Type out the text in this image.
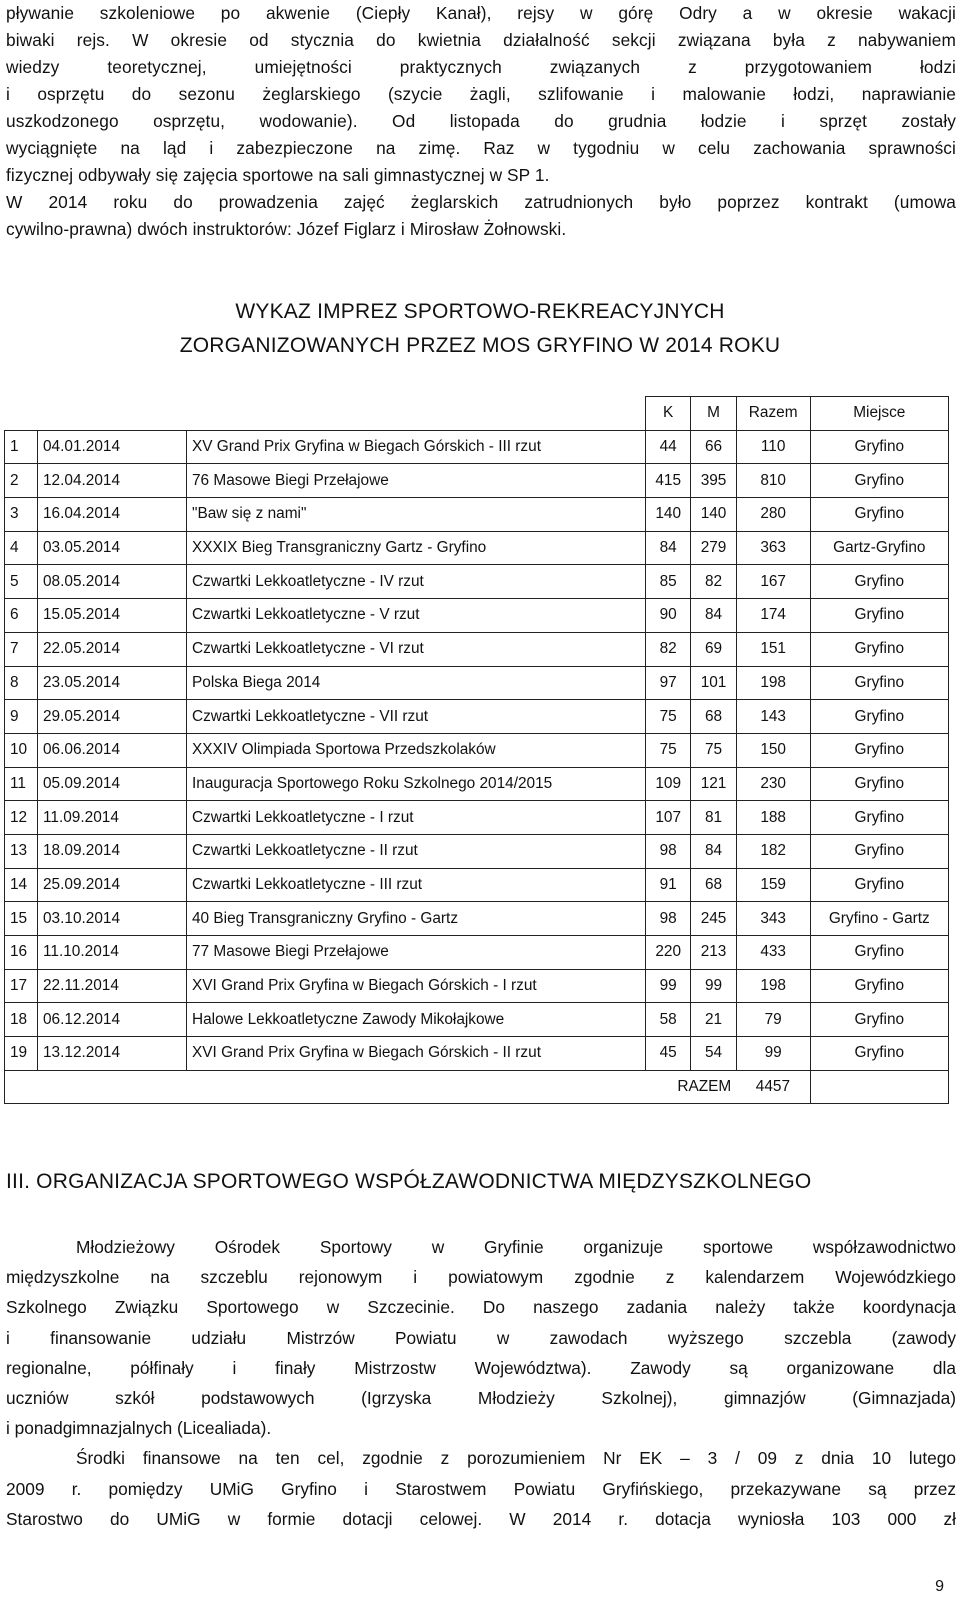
pływanie szkoleniowe po akwenie (Ciepły Kanał), rejsy w górę Odry a w okresie wakacji
biwaki rejs. W okresie od stycznia do kwietnia działalność sekcji związana była z nabywaniem
wiedzy teoretycznej, umiejętności praktycznych związanych z przygotowaniem łodzi
i osprzętu do sezonu żeglarskiego (szycie żagli, szlifowanie i malowanie łodzi, naprawianie
uszkodzonego osprzętu, wodowanie). Od listopada do grudnia łodzie i sprzęt zostały
wyciągnięte na ląd i zabezpieczone na zimę. Raz w tygodniu w celu zachowania sprawności
fizycznej odbywały się zajęcia sportowe na sali gimnastycznej w SP 1.
W 2014 roku do prowadzenia zajęć żeglarskich zatrudnionych było poprzez kontrakt (umowa
cywilno-prawna) dwóch instruktorów: Józef Figlarz i Mirosław Żołnowski.
WYKAZ IMPREZ SPORTOWO-REKREACYJNYCH
ZORGANIZOWANYCH PRZEZ MOS GRYFINO W 2014 ROKU
			K	M	Razem	Miejsce
1	04.01.2014	XV Grand Prix Gryfina w Biegach Górskich - III rzut	44	66	110	Gryfino
2	12.04.2014	76 Masowe Biegi Przełajowe	415	395	810	Gryfino
3	16.04.2014	"Baw się z nami"	140	140	280	Gryfino
4	03.05.2014	XXXIX Bieg Transgraniczny Gartz - Gryfino	84	279	363	Gartz-Gryfino
5	08.05.2014	Czwartki Lekkoatletyczne - IV rzut	85	82	167	Gryfino
6	15.05.2014	Czwartki Lekkoatletyczne - V rzut	90	84	174	Gryfino
7	22.05.2014	Czwartki Lekkoatletyczne - VI rzut	82	69	151	Gryfino
8	23.05.2014	Polska Biega 2014	97	101	198	Gryfino
9	29.05.2014	Czwartki Lekkoatletyczne - VII rzut	75	68	143	Gryfino
10	06.06.2014	XXXIV Olimpiada Sportowa Przedszkolaków	75	75	150	Gryfino
11	05.09.2014	Inauguracja Sportowego Roku Szkolnego 2014/2015	109	121	230	Gryfino
12	11.09.2014	Czwartki Lekkoatletyczne - I rzut	107	81	188	Gryfino
13	18.09.2014	Czwartki Lekkoatletyczne - II rzut	98	84	182	Gryfino
14	25.09.2014	Czwartki Lekkoatletyczne - III rzut	91	68	159	Gryfino
15	03.10.2014	40 Bieg Transgraniczny Gryfino - Gartz	98	245	343	Gryfino - Gartz
16	11.10.2014	77 Masowe Biegi Przełajowe	220	213	433	Gryfino
17	22.11.2014	XVI Grand Prix Gryfina w Biegach Górskich - I rzut	99	99	198	Gryfino
18	06.12.2014	Halowe Lekkoatletyczne Zawody Mikołajkowe	58	21	79	Gryfino
19	13.12.2014	XVI Grand Prix Gryfina w Biegach Górskich - II rzut	45	54	99	Gryfino
RAZEM					4457	
III. ORGANIZACJA SPORTOWEGO WSPÓŁZAWODNICTWA MIĘDZYSZKOLNEGO
Młodzieżowy Ośrodek Sportowy w Gryfinie organizuje sportowe współzawodnictwo
międzyszkolne na szczeblu rejonowym i powiatowym zgodnie z kalendarzem Wojewódzkiego
Szkolnego Związku Sportowego w Szczecinie. Do naszego zadania należy także koordynacja
i finansowanie udziału Mistrzów Powiatu w zawodach wyższego szczebla (zawody
regionalne, półfinały i finały Mistrzostw Województwa). Zawody są organizowane dla
uczniów szkół podstawowych (Igrzyska Młodzieży Szkolnej), gimnazjów (Gimnazjada)
i ponadgimnazjalnych (Licealiada).
Środki finansowe na ten cel, zgodnie z porozumieniem Nr EK – 3 / 09 z dnia 10 lutego
2009 r. pomiędzy UMiG Gryfino i Starostwem Powiatu Gryfińskiego, przekazywane są przez
Starostwo do UMiG w formie dotacji celowej. W 2014 r. dotacja wyniosła 103 000 zł
9
